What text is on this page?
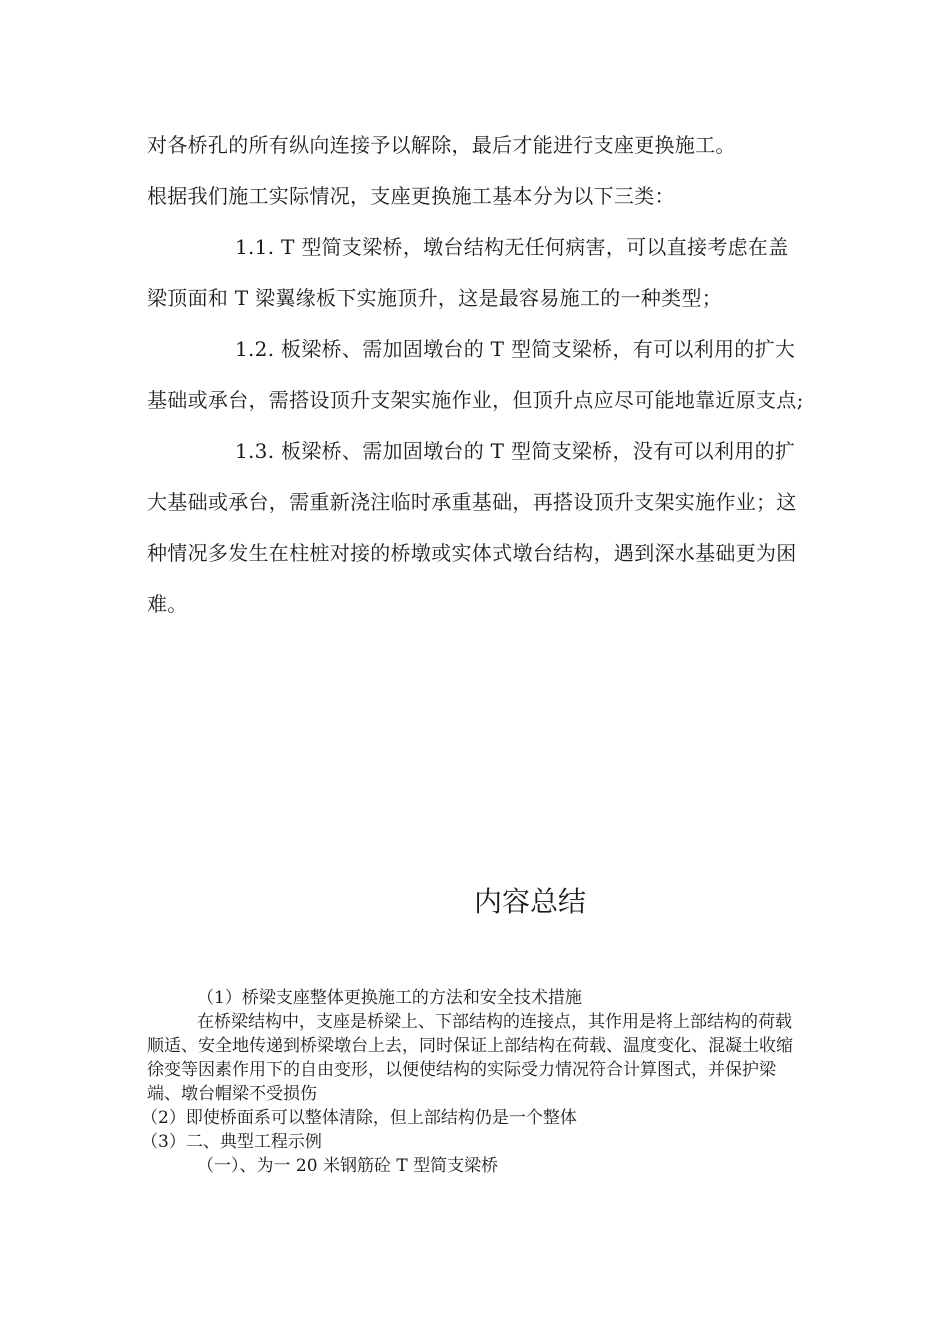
对各桥孔的所有纵向连接予以解除，最后才能进行支座更换施工。

根据我们施工实际情况，支座更换施工基本分为以下三类：

1.1. T 型简支梁桥，墩台结构无任何病害，可以直接考虑在盖梁顶面和 T 梁翼缘板下实施顶升，这是最容易施工的一种类型；

1.2. 板梁桥、需加固墩台的 T 型简支梁桥，有可以利用的扩大基础或承台，需搭设顶升支架实施作业，但顶升点应尽可能地靠近原支点;

1.3. 板梁桥、需加固墩台的 T 型简支梁桥，没有可以利用的扩大基础或承台，需重新浇注临时承重基础，再搭设顶升支架实施作业；这种情况多发生在柱桩对接的桥墩或实体式墩台结构，遇到深水基础更为困难。

内容总结

（1）桥梁支座整体更换施工的方法和安全技术措施

在桥梁结构中，支座是桥梁上、下部结构的连接点，其作用是将上部结构的荷载顺适、安全地传递到桥梁墩台上去，同时保证上部结构在荷载、温度变化、混凝土收缩徐变等因素作用下的自由变形，以便使结构的实际受力情况符合计算图式，并保护梁端、墩台帽梁不受损伤

（2）即使桥面系可以整体清除，但上部结构仍是一个整体

（3）二、典型工程示例

（一）、为一 20 米钢筋砼 T 型简支梁桥
